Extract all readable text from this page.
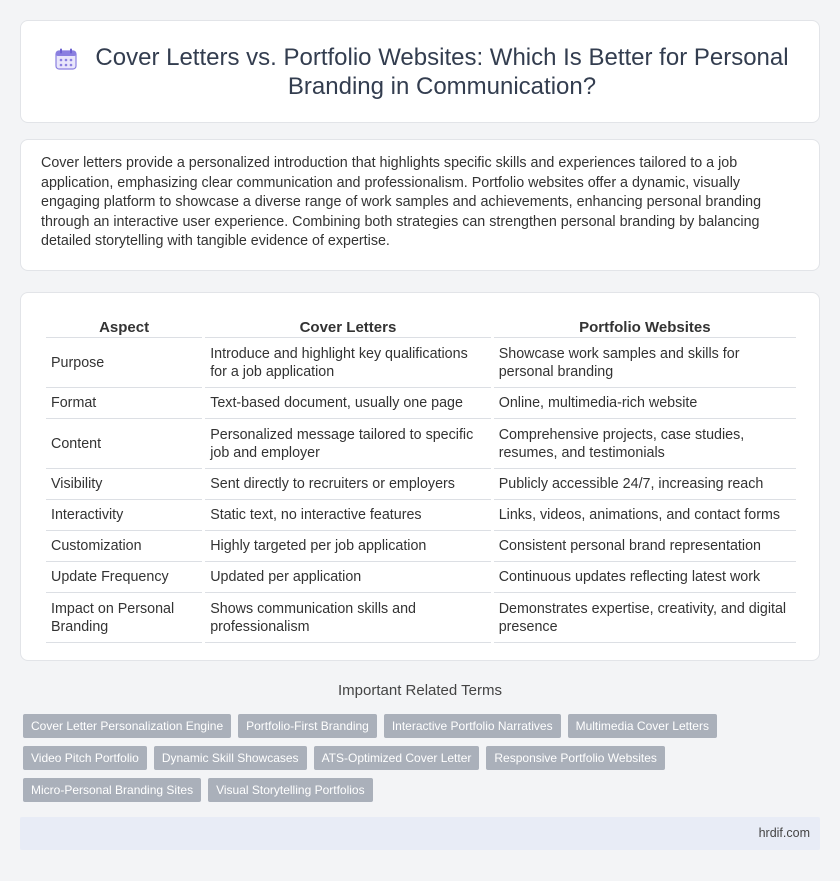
Cover Letters vs. Portfolio Websites: Which Is Better for Personal Branding in Communication?

Cover letters provide a personalized introduction that highlights specific skills and experiences tailored to a job application, emphasizing clear communication and professionalism. Portfolio websites offer a dynamic, visually engaging platform to showcase a diverse range of work samples and achievements, enhancing personal branding through an interactive user experience. Combining both strategies can strengthen personal branding by balancing detailed storytelling with tangible evidence of expertise.

Aspect	Cover Letters	Portfolio Websites
Purpose	Introduce and highlight key qualifications for a job application	Showcase work samples and skills for personal branding
Format	Text-based document, usually one page	Online, multimedia-rich website
Content	Personalized message tailored to specific job and employer	Comprehensive projects, case studies, resumes, and testimonials
Visibility	Sent directly to recruiters or employers	Publicly accessible 24/7, increasing reach
Interactivity	Static text, no interactive features	Links, videos, animations, and contact forms
Customization	Highly targeted per job application	Consistent personal brand representation
Update Frequency	Updated per application	Continuous updates reflecting latest work
Impact on Personal Branding	Shows communication skills and professionalism	Demonstrates expertise, creativity, and digital presence
Important Related Terms
Cover Letter Personalization Engine	Portfolio-First Branding	Interactive Portfolio Narratives	Multimedia Cover Letters
Video Pitch Portfolio	Dynamic Skill Showcases	ATS-Optimized Cover Letter	Responsive Portfolio Websites
Micro-Personal Branding Sites	Visual Storytelling Portfolios
hrdif.com
